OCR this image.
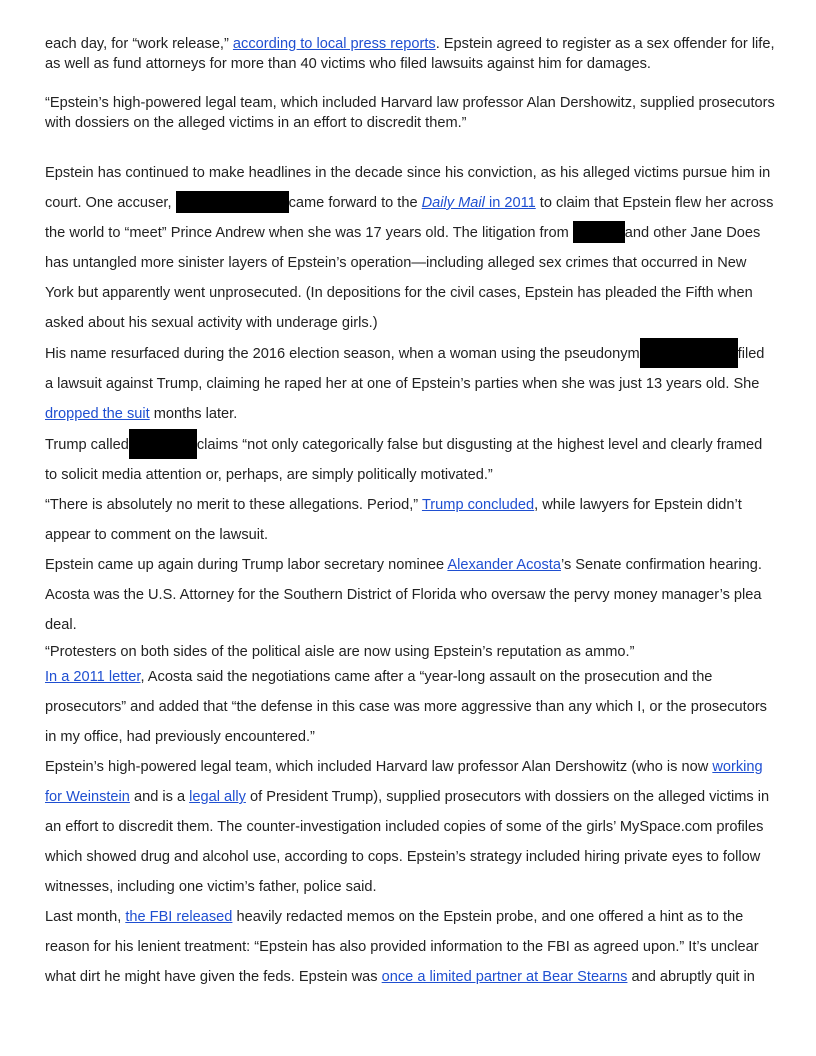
each day, for “work release,” according to local press reports. Epstein agreed to register as a sex offender for life, as well as fund attorneys for more than 40 victims who filed lawsuits against him for damages.

“Epstein’s high-powered legal team, which included Harvard law professor Alan Dershowitz, supplied prosecutors with dossiers on the alleged victims in an effort to discredit them.”

Epstein has continued to make headlines in the decade since his conviction, as his alleged victims pursue him in court. One accuser,	came forward to the Daily Mail in 2011 to claim that Epstein flew her across the world to “meet” Prince Andrew when she was 17 years old. The litigation from	and other Jane Does has untangled more sinister layers of Epstein’s operation—including alleged sex crimes that occurred in New York but apparently went unprosecuted. (In depositions for the civil cases, Epstein has pleaded the Fifth when asked about his sexual activity with underage girls.)

His name resurfaced during the 2016 election season, when a woman using the pseudonym	filed a lawsuit against Trump, claiming he raped her at one of Epstein’s parties when she was just 13 years old. She dropped the suit months later.

Trump called	claims “not only categorically false but disgusting at the highest level and clearly framed to solicit media attention or, perhaps, are simply politically motivated.”

“There is absolutely no merit to these allegations. Period,” Trump concluded, while lawyers for Epstein didn’t appear to comment on the lawsuit.

Epstein came up again during Trump labor secretary nominee Alexander Acosta’s Senate confirmation hearing. Acosta was the U.S. Attorney for the Southern District of Florida who oversaw the pervy money manager’s plea deal.

“Protesters on both sides of the political aisle are now using Epstein’s reputation as ammo.”

In a 2011 letter, Acosta said the negotiations came after a “year-long assault on the prosecution and the prosecutors” and added that “the defense in this case was more aggressive than any which I, or the prosecutors in my office, had previously encountered.”

Epstein’s high-powered legal team, which included Harvard law professor Alan Dershowitz (who is now working for Weinstein and is a legal ally of President Trump), supplied prosecutors with dossiers on the alleged victims in an effort to discredit them. The counter-investigation included copies of some of the girls’ MySpace.com profiles which showed drug and alcohol use, according to cops. Epstein’s strategy included hiring private eyes to follow witnesses, including one victim’s father, police said.

Last month, the FBI released heavily redacted memos on the Epstein probe, and one offered a hint as to the reason for his lenient treatment: “Epstein has also provided information to the FBI as agreed upon.” It’s unclear what dirt he might have given the feds. Epstein was once a limited partner at Bear Stearns and abruptly quit in
